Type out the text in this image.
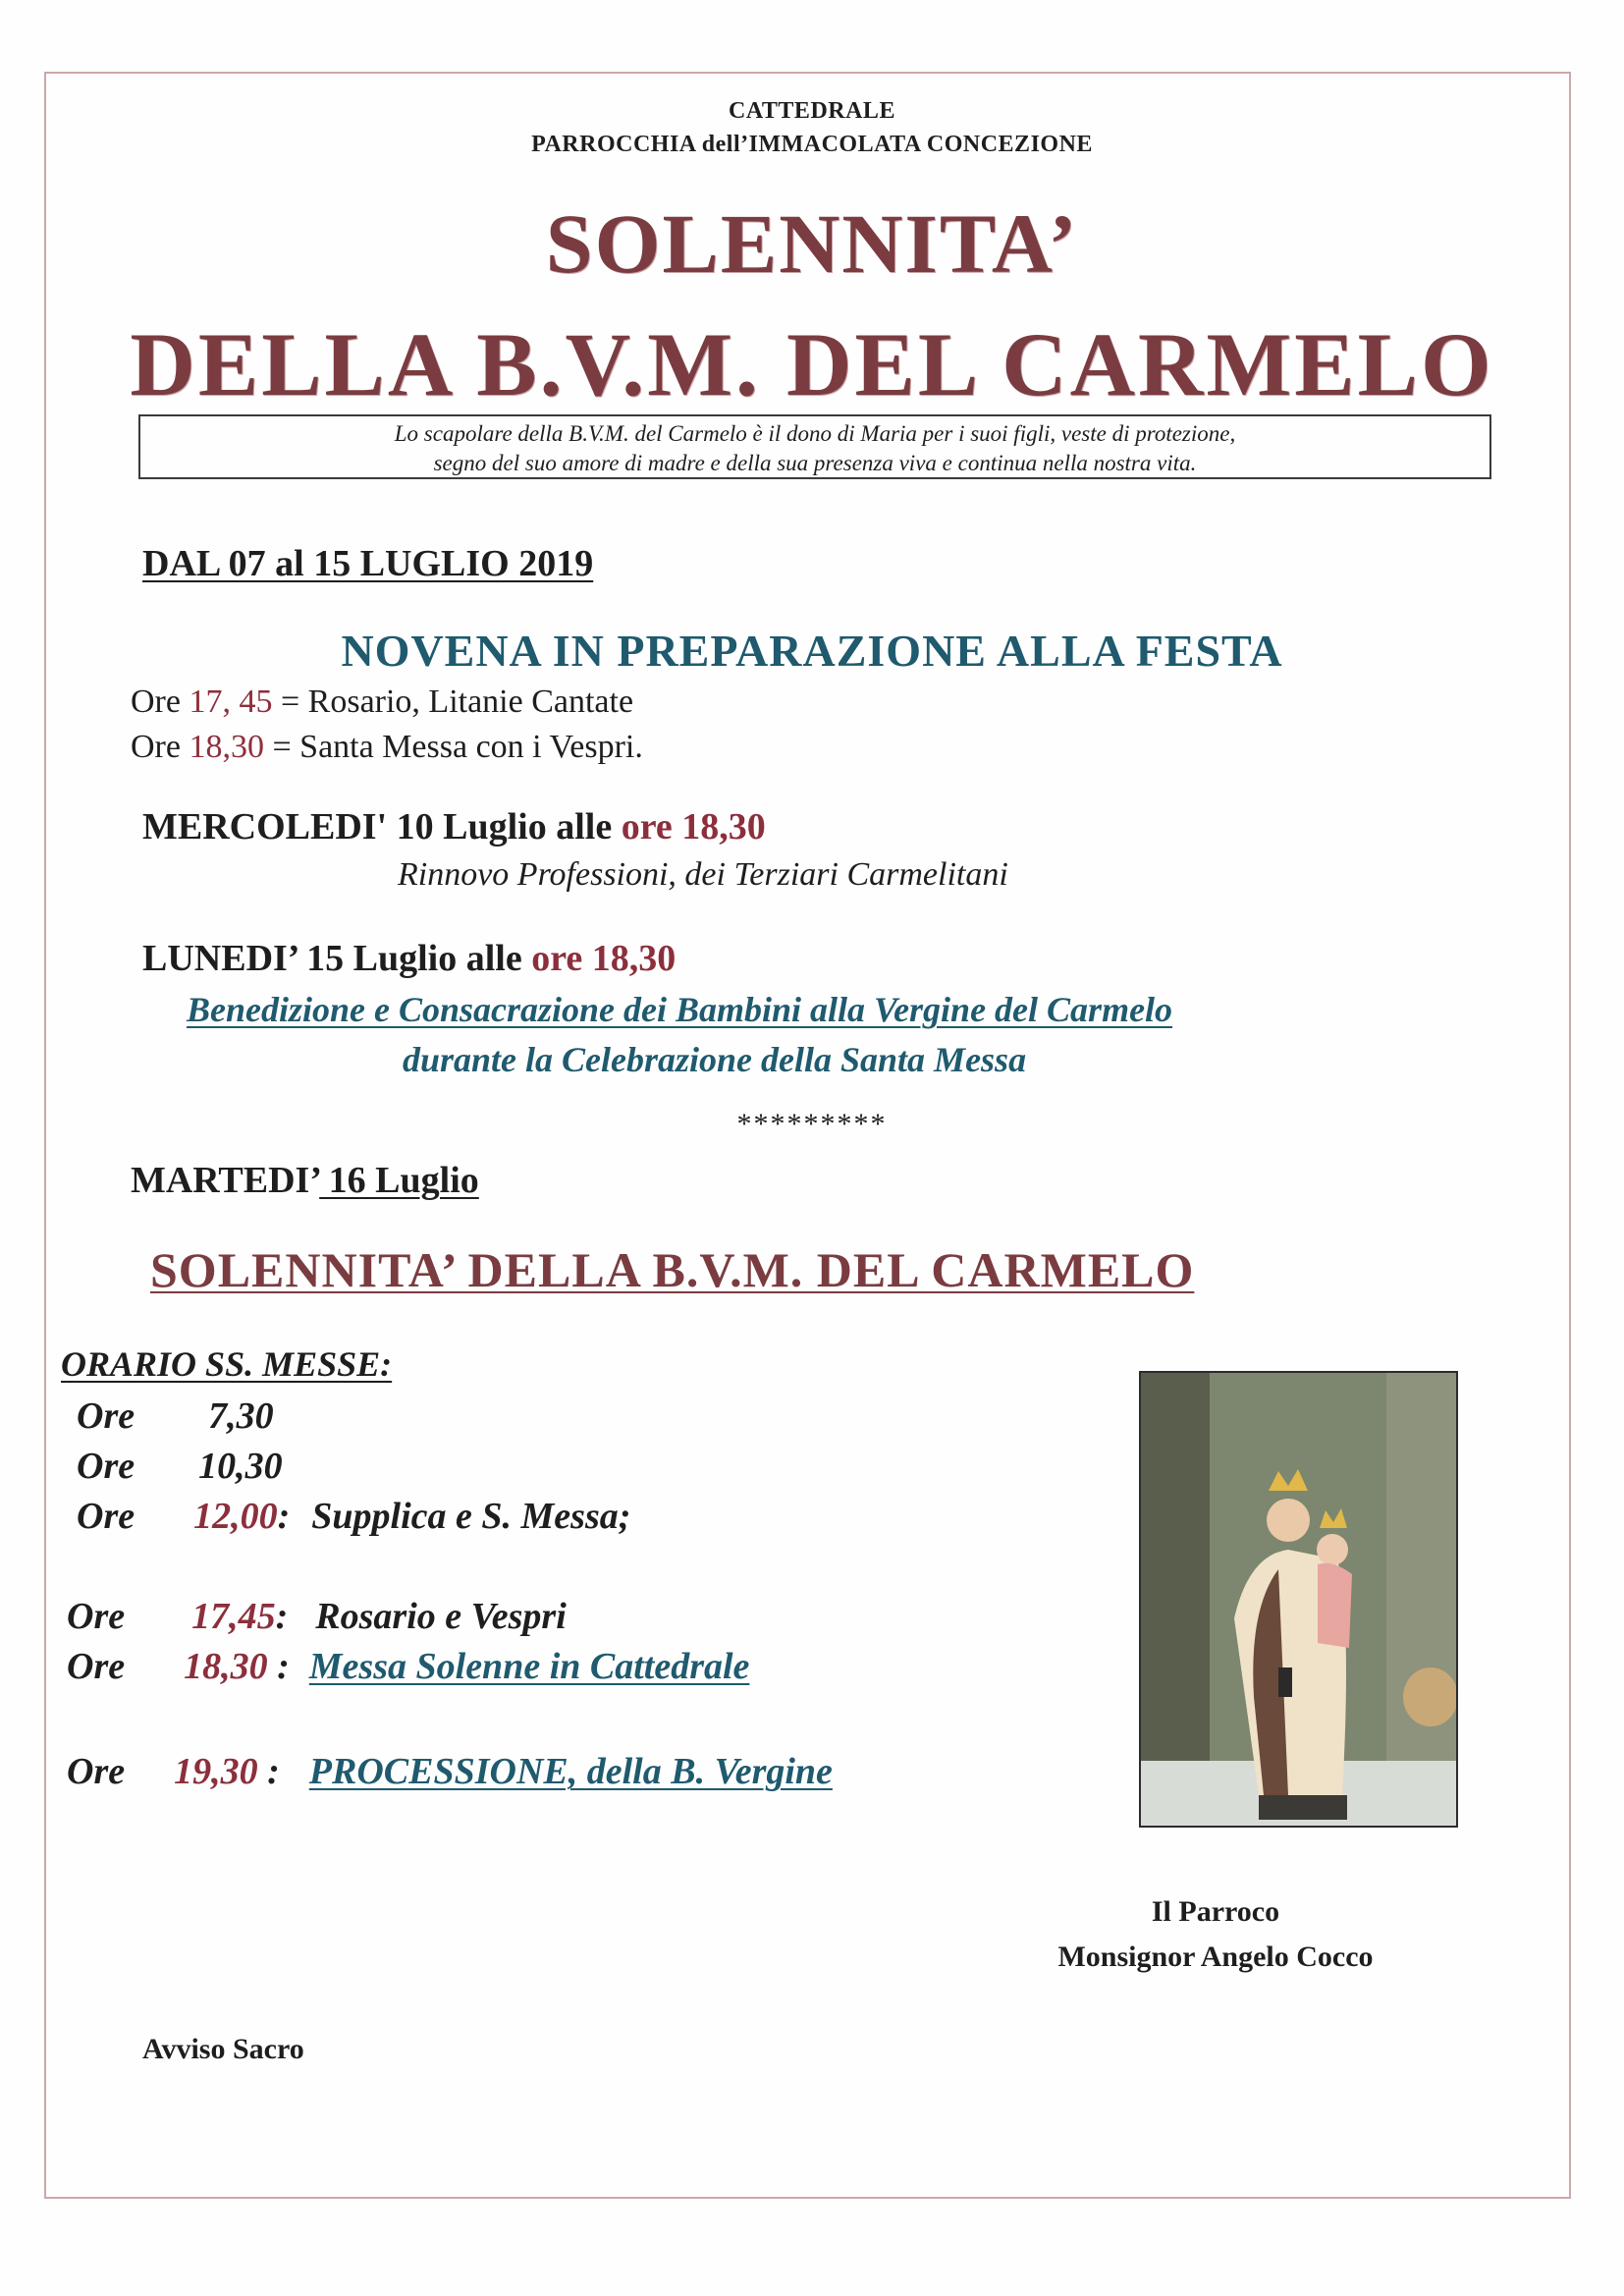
CATTEDRALE
PARROCCHIA dell’IMMACOLATA CONCEZIONE
SOLENNITA’
DELLA B.V.M. DEL CARMELO
Lo scapolare della B.V.M. del Carmelo è il dono di Maria per i suoi figli, veste di protezione,
segno del suo amore di madre e della sua presenza viva e continua nella nostra vita.
DAL 07 al 15 LUGLIO 2019
NOVENA IN PREPARAZIONE ALLA FESTA
Ore 17, 45 = Rosario, Litanie Cantate
Ore 18,30 = Santa Messa con i Vespri.
MERCOLEDI' 10 Luglio alle ore 18,30
Rinnovo Professioni, dei Terziari Carmelitani
LUNEDI’ 15 Luglio alle ore 18,30
Benedizione e Consacrazione dei Bambini alla Vergine del Carmelo
durante la Celebrazione della Santa Messa
*********
MARTEDI’ 16 Luglio
SOLENNITA’ DELLA B.V.M. DEL CARMELO
ORARIO SS. MESSE:
Ore 7,30
Ore 10,30
Ore 12,00: Supplica e S. Messa;
Ore 17,45: Rosario e Vespri
Ore 18,30 : Messa Solenne in Cattedrale
Ore 19,30 : PROCESSIONE, della B. Vergine
Il Parroco
Monsignor Angelo Cocco
Avviso Sacro
